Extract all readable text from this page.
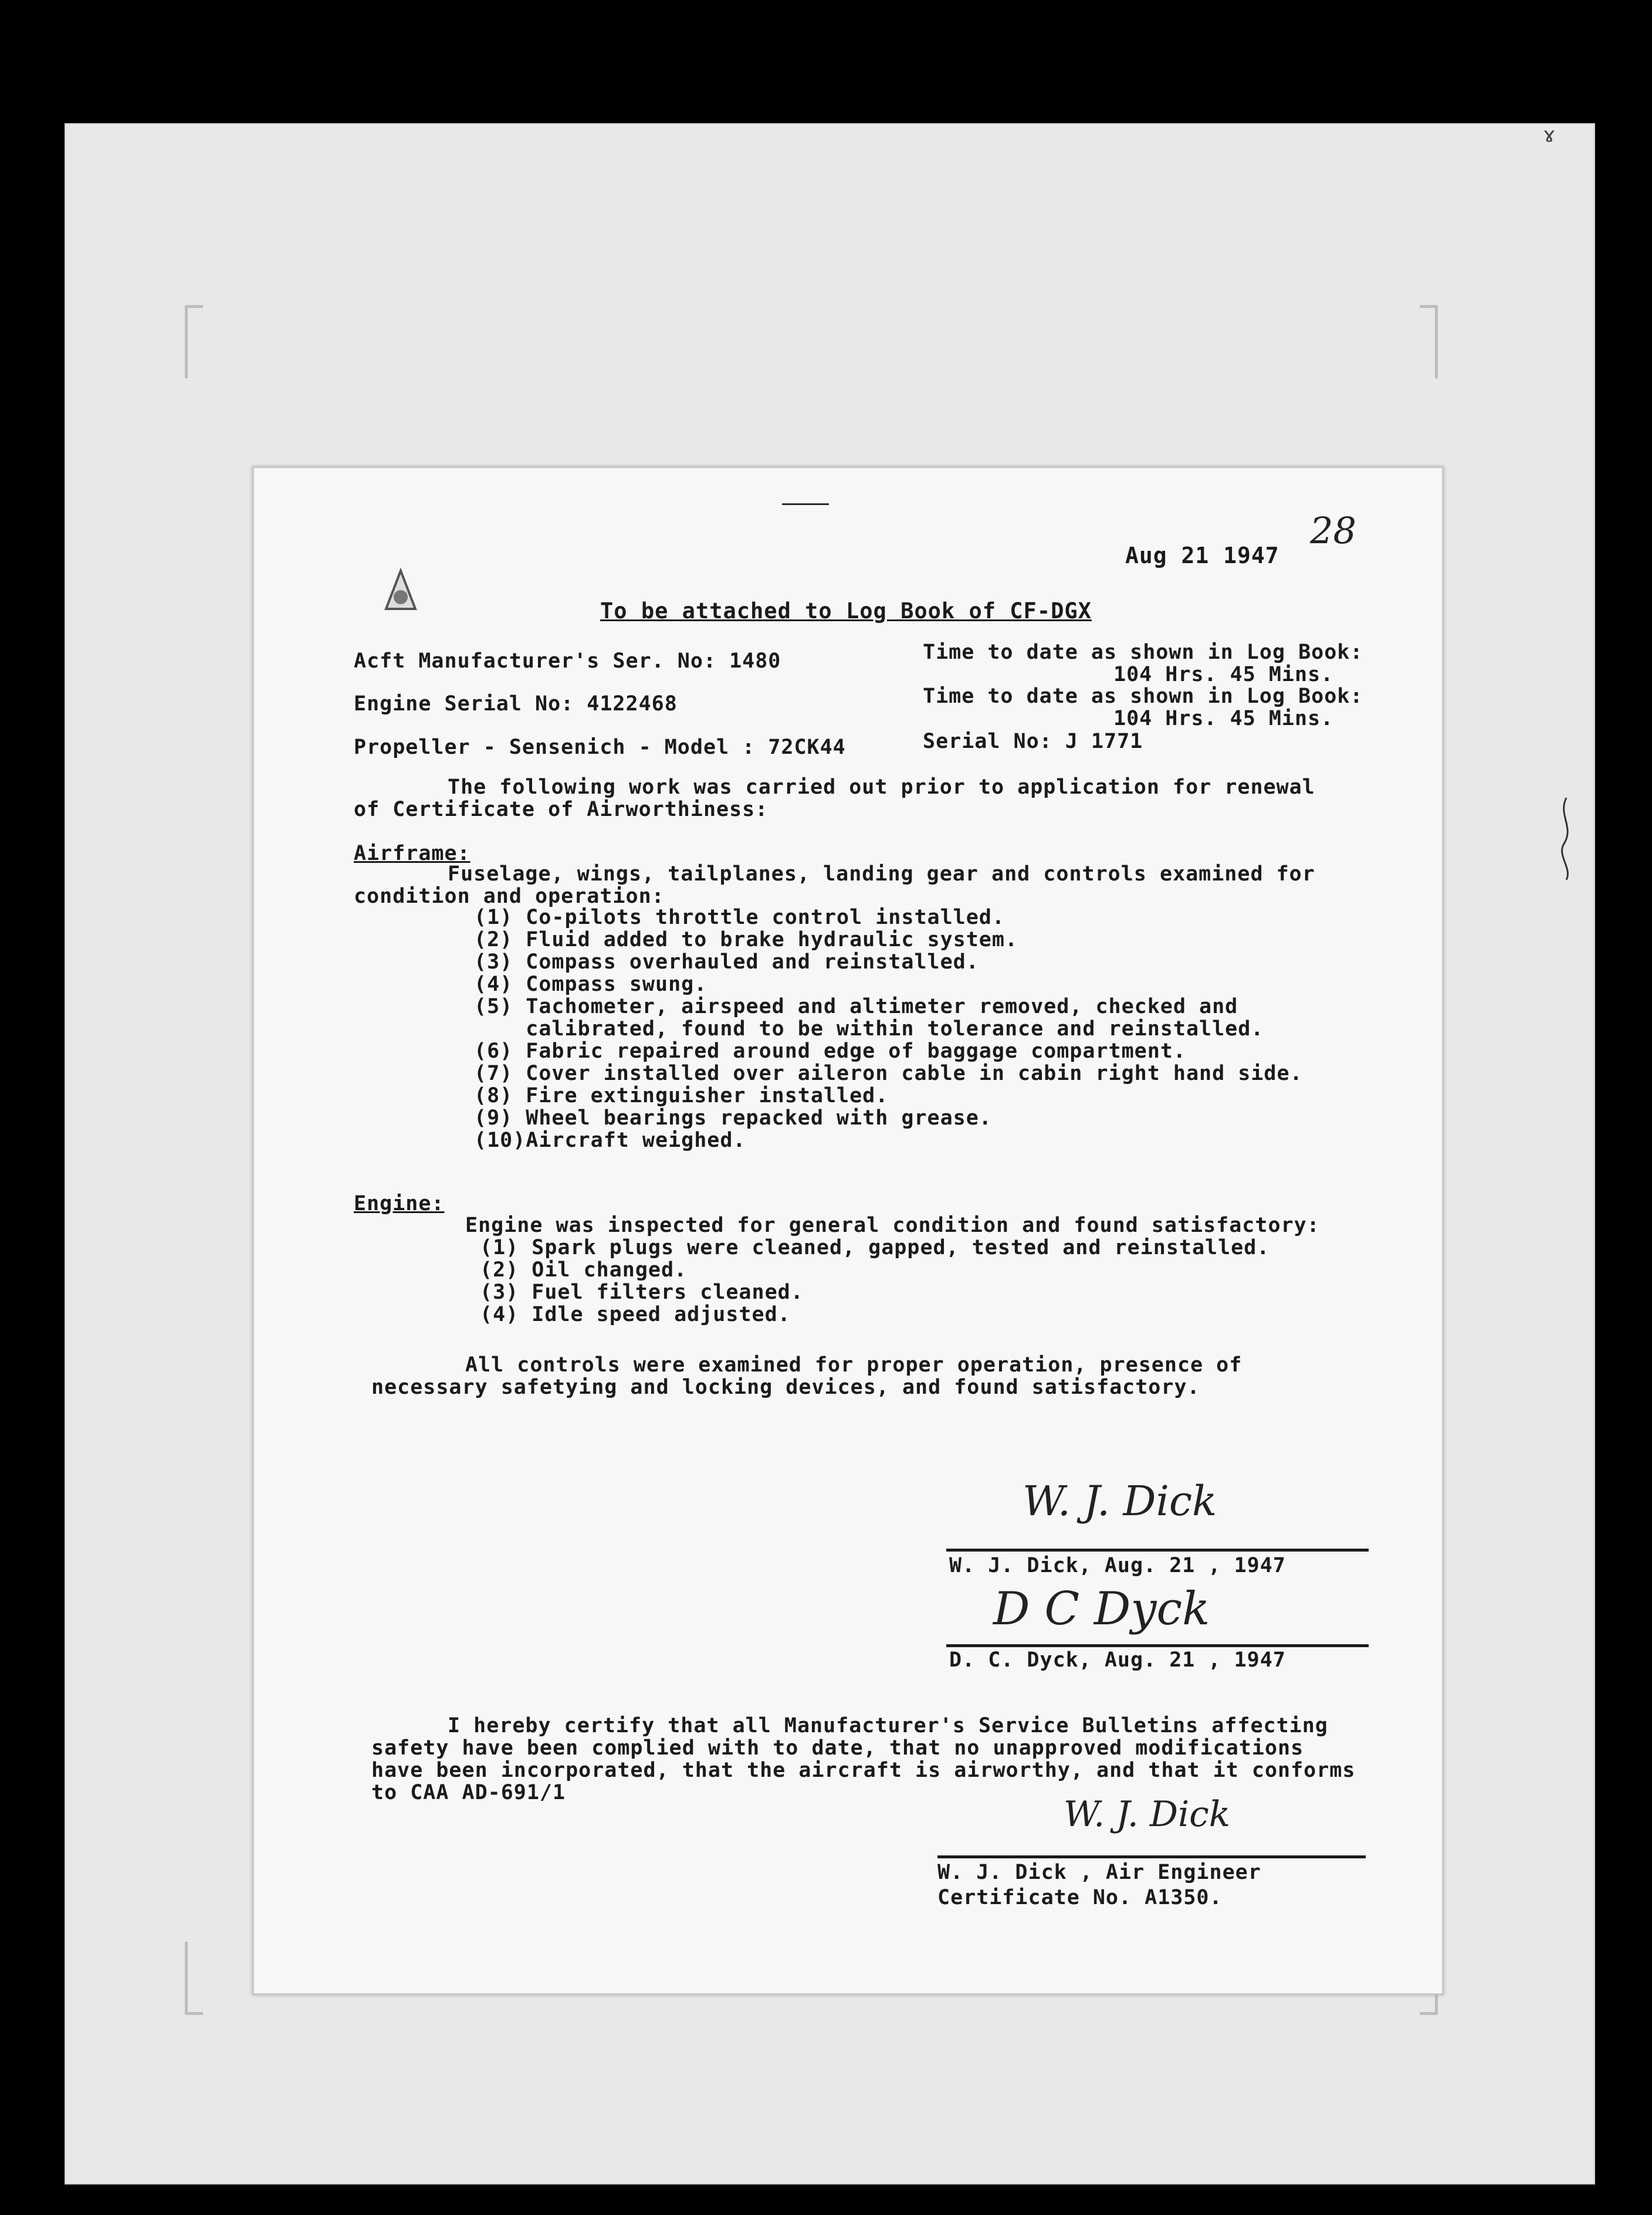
ɤ
Aug 21 1947
28
To be attached to Log Book of CF-DGX
Acft Manufacturer's Ser. No: 1480	Time to date as shown in Log Book:
104 Hrs. 45 Mins.
Engine Serial No: 4122468	Time to date as shown in Log Book:
104 Hrs. 45 Mins.
Propeller - Sensenich - Model : 72CK44	Serial No: J 1771
The following work was carried out prior to application for renewal
of Certificate of Airworthiness:
Airframe:
Fuselage, wings, tailplanes, landing gear and controls examined for
condition and operation:
(1) Co-pilots throttle control installed.
(2) Fluid added to brake hydraulic system.
(3) Compass overhauled and reinstalled.
(4) Compass swung.
(5) Tachometer, airspeed and altimeter removed, checked and
calibrated, found to be within tolerance and reinstalled.
(6) Fabric repaired around edge of baggage compartment.
(7) Cover installed over aileron cable in cabin right hand side.
(8) Fire extinguisher installed.
(9) Wheel bearings repacked with grease.
(10)Aircraft weighed.
Engine:
Engine was inspected for general condition and found satisfactory:
(1) Spark plugs were cleaned, gapped, tested and reinstalled.
(2) Oil changed.
(3) Fuel filters cleaned.
(4) Idle speed adjusted.
All controls were examined for proper operation, presence of
necessary safetying and locking devices, and found satisfactory.
W. J. Dick
W. J. Dick, Aug. 21 , 1947
D C Dyck
D. C. Dyck, Aug. 21 , 1947
I hereby certify that all Manufacturer's Service Bulletins affecting
safety have been complied with to date, that no unapproved modifications
have been incorporated, that the aircraft is airworthy, and that it conforms
to CAA AD-691/1
W. J. Dick
W. J. Dick , Air Engineer
Certificate No. A1350.
